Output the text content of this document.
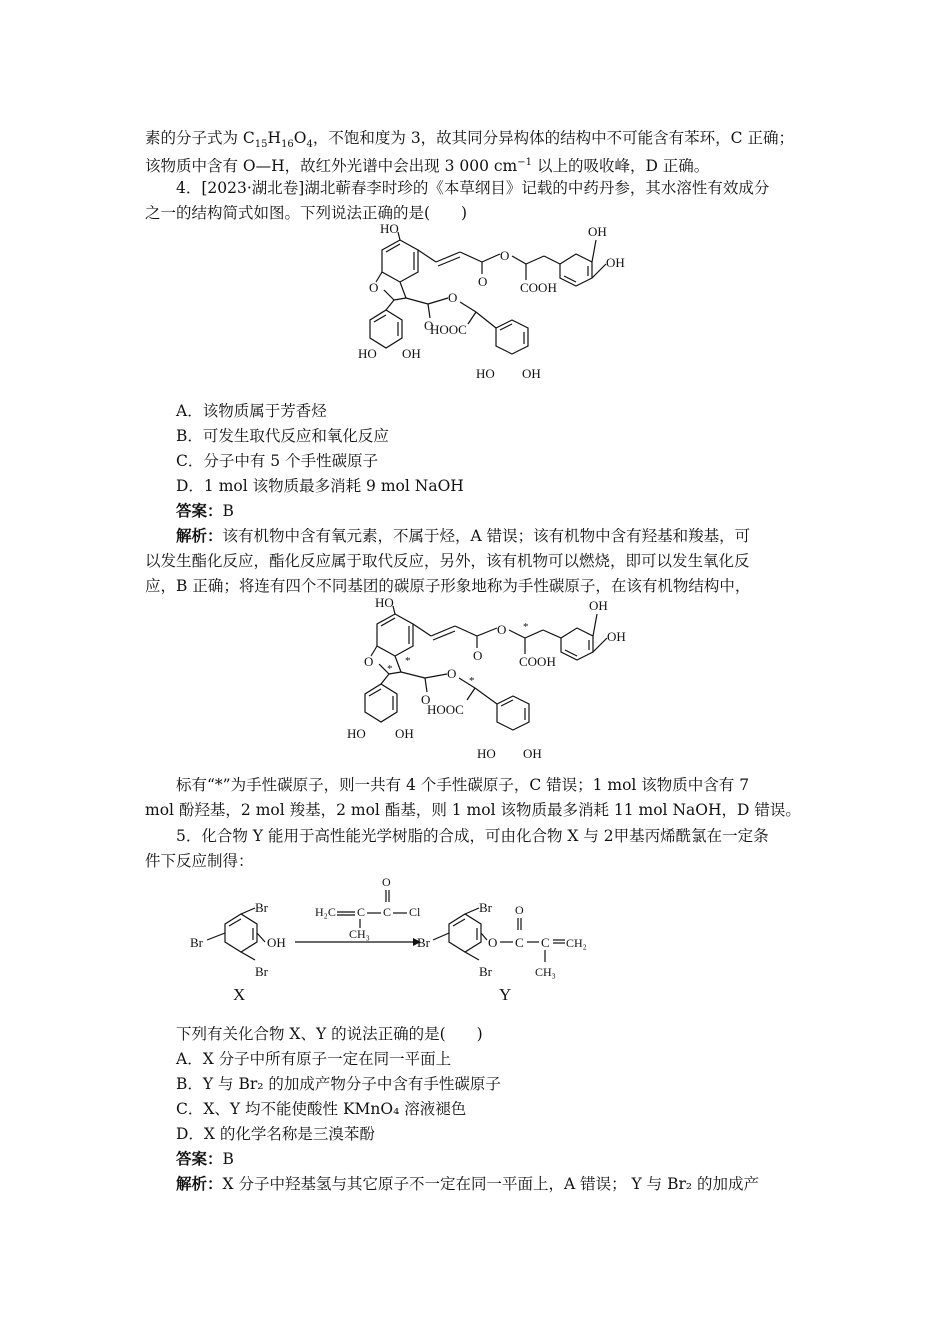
素的分子式为 $C_{15}H_{16}O_4$，不饱和度为 3，故其同分异构体的结构中不可能含有苯环，C 正确；
该物质中含有 O—H，故红外光谱中会出现 3 000 $cm^{-1}$ 以上的吸收峰，D 正确。
4．[2023·湖北卷]湖北蕲春李时珍的《本草纲目》记载的中药丹参，其水溶性有效成分
之一的结构简式如图。下列说法正确的是(　　)
HO
O	O
O
COOH
OH
OH
HO OH
O
O
HOOC
HO OH
A．该物质属于芳香烃
B．可发生取代反应和氧化反应
C．分子中有 5 个手性碳原子
D．1 mol 该物质最多消耗 9 mol NaOH
答案：B
解析：该有机物中含有氧元素，不属于烃，A 错误；该有机物中含有羟基和羧基，可
以发生酯化反应，酯化反应属于取代反应，另外，该有机物可以燃烧，即可以发生氧化反
应，B 正确；将连有四个不同基团的碳原子形象地称为手性碳原子，在该有机物结构中，
HO
O *
*	O
O *
COOH
OH
OH
HO OH
O
O *
HOOC
HO OH
标有“*”为手性碳原子，则一共有 4 个手性碳原子，C 错误；1 mol 该物质中含有 7
mol 酚羟基，2 mol 羧基，2 mol 酯基，则 1 mol 该物质最多消耗 11 mol NaOH，D 错误。
5．化合物 Y 能用于高性能光学树脂的合成，可由化合物 X 与 2甲基丙烯酰氯在一定条
件下反应制得：
Br
Br
Br	OH
X
H₂C C C
O
Cl
CH₃
Br
Br
Br	O C
O
C CH₂
CH₃
Y
下列有关化合物 X、Y 的说法正确的是(　　)
A．X 分子中所有原子一定在同一平面上
B．Y 与 Br₂ 的加成产物分子中含有手性碳原子
C．X、Y 均不能使酸性 KMnO₄ 溶液褪色
D．X 的化学名称是三溴苯酚
答案：B
解析：X 分子中羟基氢与其它原子不一定在同一平面上，A 错误； Y 与 Br₂ 的加成产
